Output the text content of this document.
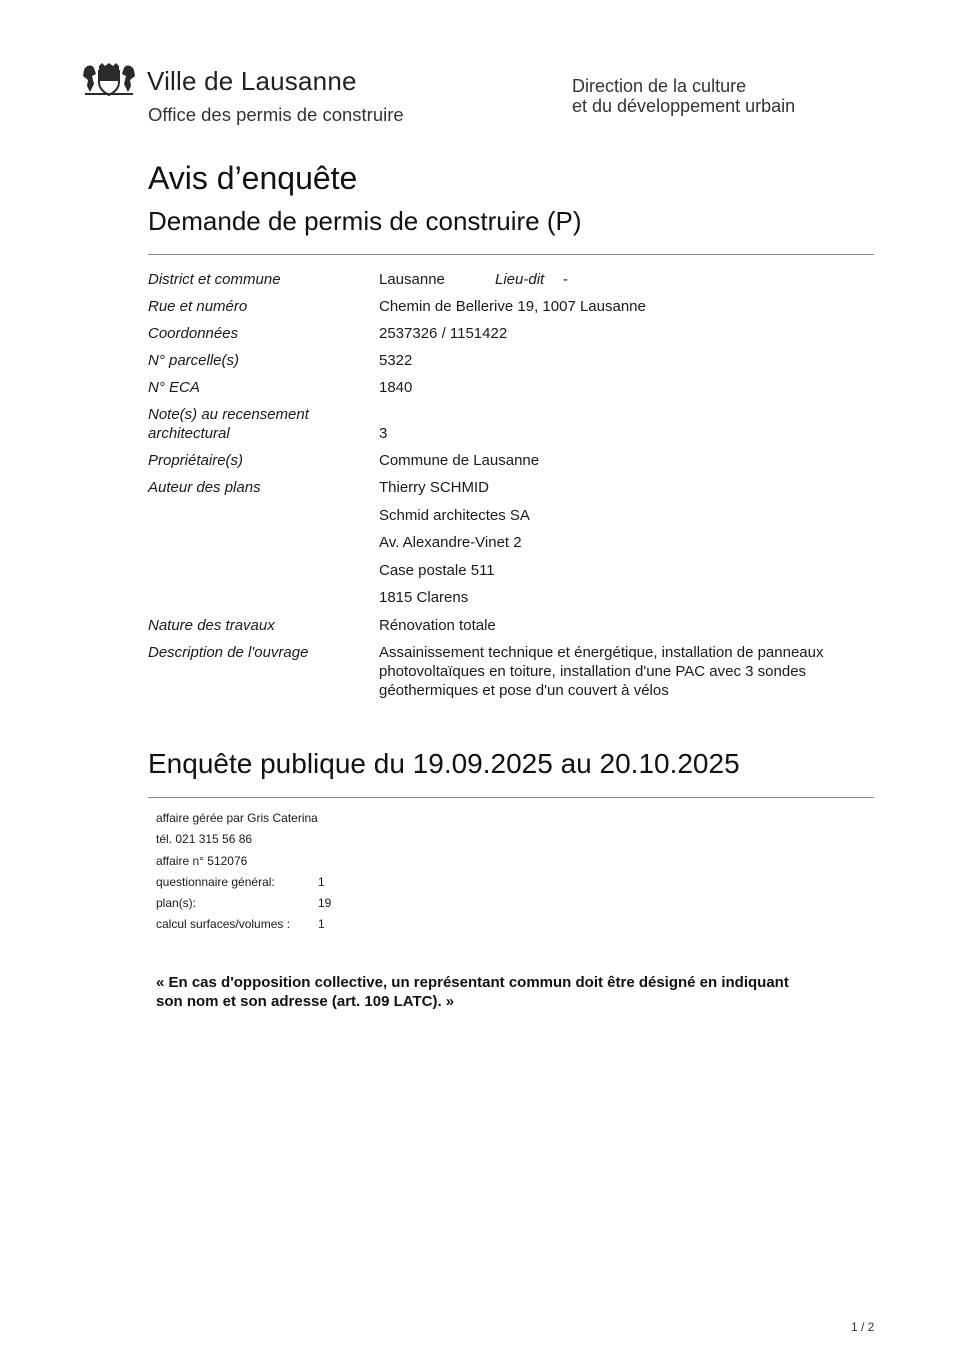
Ville de Lausanne
Office des permis de construire
Direction de la culture
et du développement urbain
Avis d’enquête
Demande de permis de construire (P)
District et commune	Lausanne	Lieu-dit -
Rue et numéro	Chemin de Bellerive 19, 1007 Lausanne
Coordonnées	2537326 / 1151422
N° parcelle(s)	5322
N° ECA	1840
Note(s) au recensement
architectural	3
Propriétaire(s)	Commune de Lausanne
Auteur des plans	Thierry SCHMID
Schmid architectes SA
Av. Alexandre-Vinet 2
Case postale 511
1815 Clarens
Nature des travaux	Rénovation totale
Description de l'ouvrage	Assainissement technique et énergétique, installation de panneaux
photovoltaïques en toiture, installation d'une PAC avec 3 sondes
géothermiques et pose d'un couvert à vélos
Enquête publique du 19.09.2025 au 20.10.2025
affaire gérée par Gris Caterina
tél. 021 315 56 86
affaire n° 512076
questionnaire général:	1
plan(s):	19
calcul surfaces/volumes : 1
« En cas d'opposition collective, un représentant commun doit être désigné en indiquant
son nom et son adresse (art. 109 LATC). »
1 / 2
